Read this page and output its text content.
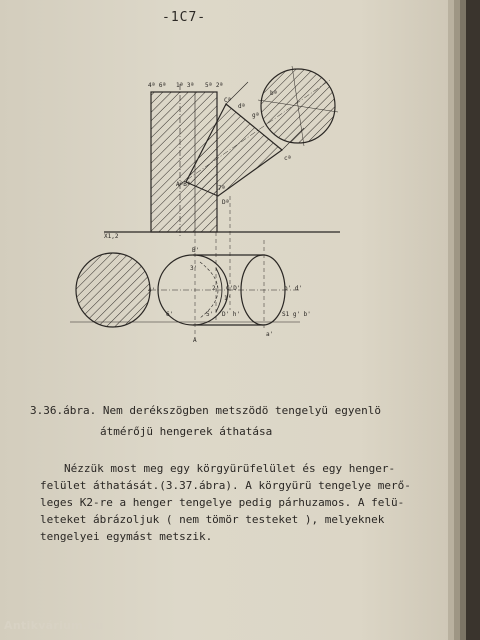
-1C7-
4ª 6ª 1ª 3ª 5ª 2ª
Cª
bª
dª
gª
cª
AªBª
7ª
Dª
X1,2
B'
3'
4'	2' C'D'
1'
b' d'
6'	5' D' h'	S1 g' b'
A
a'
3.36.ábra. Nem derékszögben metszödö tengelyü egyenlö
átmérőjü hengerek áthatása
Nézzük most meg egy körgyürüfelület és egy henger-
felület áthatását.(3.37.ábra). A körgyürü tengelye merő-
leges K2-re a henger tengelye pedig párhuzamos. A felü-
leteket ábrázoljuk ( nem tömör testeket ), melyeknek
tengelyei egymást metszik.
Antikvárium.hu
